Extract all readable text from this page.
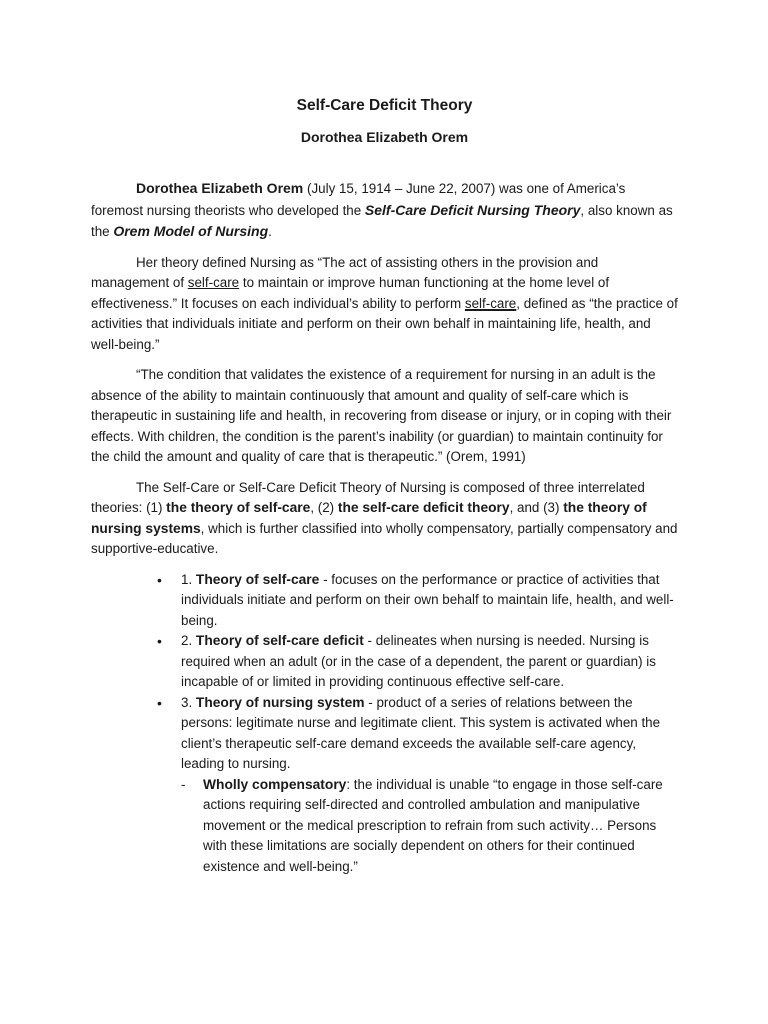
Self-Care Deficit Theory
Dorothea Elizabeth Orem

Dorothea Elizabeth Orem (July 15, 1914 – June 22, 2007) was one of America’s foremost nursing theorists who developed the Self-Care Deficit Nursing Theory, also known as the Orem Model of Nursing.

Her theory defined Nursing as “The act of assisting others in the provision and management of self-care to maintain or improve human functioning at the home level of effectiveness.” It focuses on each individual’s ability to perform self-care, defined as “the practice of activities that individuals initiate and perform on their own behalf in maintaining life, health, and well-being.”

“The condition that validates the existence of a requirement for nursing in an adult is the absence of the ability to maintain continuously that amount and quality of self-care which is therapeutic in sustaining life and health, in recovering from disease or injury, or in coping with their effects. With children, the condition is the parent’s inability (or guardian) to maintain continuity for the child the amount and quality of care that is therapeutic.” (Orem, 1991)

The Self-Care or Self-Care Deficit Theory of Nursing is composed of three interrelated theories: (1) the theory of self-care, (2) the self-care deficit theory, and (3) the theory of nursing systems, which is further classified into wholly compensatory, partially compensatory and supportive-educative.

• 1. Theory of self-care - focuses on the performance or practice of activities that individuals initiate and perform on their own behalf to maintain life, health, and well-being.
• 2. Theory of self-care deficit - delineates when nursing is needed. Nursing is required when an adult (or in the case of a dependent, the parent or guardian) is incapable of or limited in providing continuous effective self-care.
• 3. Theory of nursing system - product of a series of relations between the persons: legitimate nurse and legitimate client. This system is activated when the client’s therapeutic self-care demand exceeds the available self-care agency, leading to nursing.
- Wholly compensatory: the individual is unable “to engage in those self-care actions requiring self-directed and controlled ambulation and manipulative movement or the medical prescription to refrain from such activity… Persons with these limitations are socially dependent on others for their continued existence and well-being.”
